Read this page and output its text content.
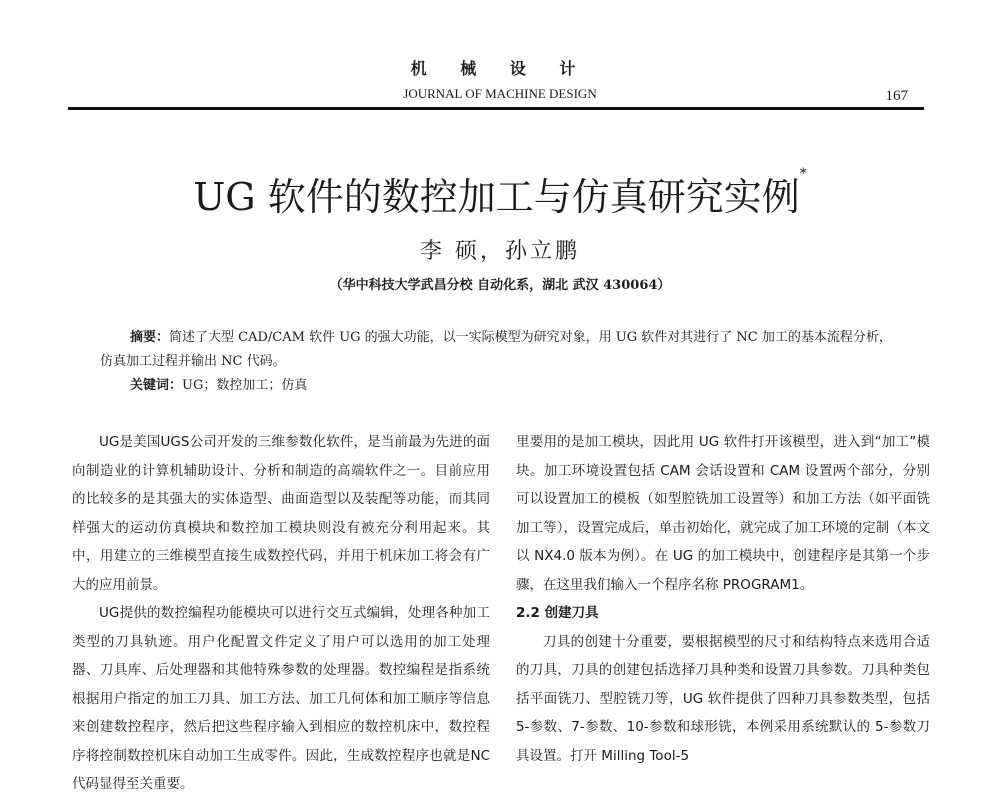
机 械 设 计
JOURNAL OF MACHINE DESIGN	167
UG 软件的数控加工与仿真研究实例*
李 硕，孙立鹏
（华中科技大学武昌分校 自动化系，湖北 武汉 430064）
摘要：简述了大型 CAD/CAM 软件 UG 的强大功能，以一实际模型为研究对象，用 UG 软件对其进行了 NC 加工的基本流程分析，仿真加工过程并输出 NC 代码。
关键词：UG；数控加工；仿真

UG是美国UGS公司开发的三维参数化软件，是当前最为先进的面向制造业的计算机辅助设计、分析和制造的高端软件之一。目前应用的比较多的是其强大的实体造型、曲面造型以及装配等功能，而其同样强大的运动仿真模块和数控加工模块则没有被充分利用起来。其中，用建立的三维模型直接生成数控代码，并用于机床加工将会有广大的应用前景。

UG提供的数控编程功能模块可以进行交互式编辑，处理各种加工类型的刀具轨迹。用户化配置文件定义了用户可以选用的加工处理器、刀具库、后处理器和其他特殊参数的处理器。数控编程是指系统根据用户指定的加工刀具、加工方法、加工几何体和加工顺序等信息来创建数控程序，然后把这些程序输入到相应的数控机床中，数控程序将控制数控机床自动加工生成零件。因此，生成数控程序也就是NC代码显得至关重要。

里要用的是加工模块，因此用 UG 软件打开该模型，进入到“加工”模块。加工环境设置包括 CAM 会话设置和 CAM 设置两个部分，分别可以设置加工的模板（如型腔铣加工设置等）和加工方法（如平面铣加工等），设置完成后，单击初始化，就完成了加工环境的定制（本文以 NX4.0 版本为例）。在 UG 的加工模块中，创建程序是其第一个步骤，在这里我们输入一个程序名称 PROGRAM1。

2.2 创建刀具

刀具的创建十分重要，要根据模型的尺寸和结构特点来选用合适的刀具，刀具的创建包括选择刀具种类和设置刀具参数。刀具种类包括平面铣刀、型腔铣刀等，UG 软件提供了四种刀具参数类型，包括 5-参数、7-参数、10-参数和球形铣，本例采用系统默认的 5-参数刀具设置。打开 Milling Tool-5
